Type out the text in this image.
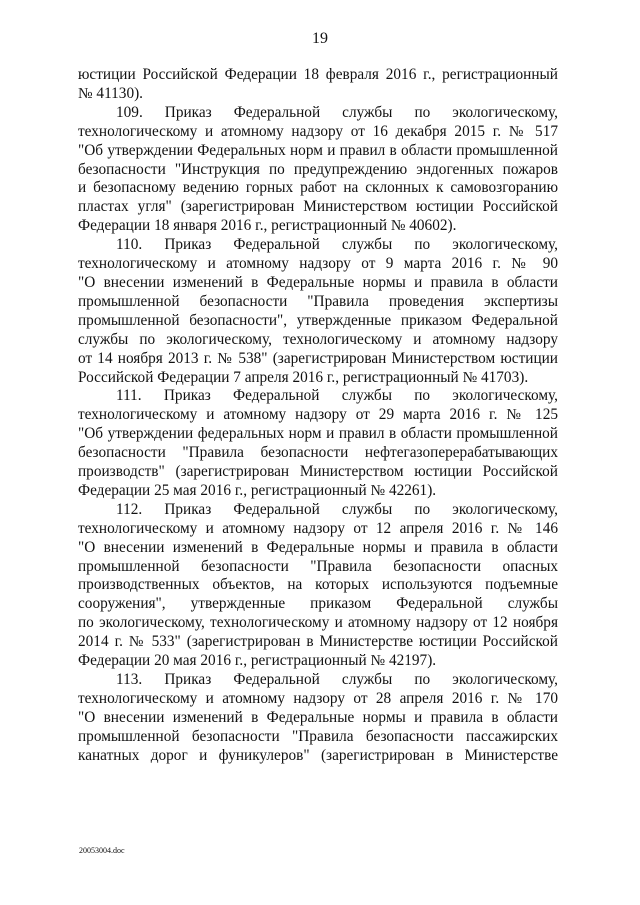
19
юстиции Российской Федерации 18 февраля 2016 г., регистрационный
№ 41130).
109. Приказ Федеральной службы по экологическому,
технологическому и атомному надзору от 16 декабря 2015 г. № 517
"Об утверждении Федеральных норм и правил в области промышленной
безопасности "Инструкция по предупреждению эндогенных пожаров
и безопасному ведению горных работ на склонных к самовозгоранию
пластах угля" (зарегистрирован Министерством юстиции Российской
Федерации 18 января 2016 г., регистрационный № 40602).
110. Приказ Федеральной службы по экологическому,
технологическому и атомному надзору от 9 марта 2016 г. № 90
"О внесении изменений в Федеральные нормы и правила в области
промышленной безопасности "Правила проведения экспертизы
промышленной безопасности", утвержденные приказом Федеральной
службы по экологическому, технологическому и атомному надзору
от 14 ноября 2013 г. № 538" (зарегистрирован Министерством юстиции
Российской Федерации 7 апреля 2016 г., регистрационный № 41703).
111. Приказ Федеральной службы по экологическому,
технологическому и атомному надзору от 29 марта 2016 г. № 125
"Об утверждении федеральных норм и правил в области промышленной
безопасности "Правила безопасности нефтегазоперерабатывающих
производств" (зарегистрирован Министерством юстиции Российской
Федерации 25 мая 2016 г., регистрационный № 42261).
112. Приказ Федеральной службы по экологическому,
технологическому и атомному надзору от 12 апреля 2016 г. № 146
"О внесении изменений в Федеральные нормы и правила в области
промышленной безопасности "Правила безопасности опасных
производственных объектов, на которых используются подъемные
сооружения", утвержденные приказом Федеральной службы
по экологическому, технологическому и атомному надзору от 12 ноября
2014 г. № 533" (зарегистрирован в Министерстве юстиции Российской
Федерации 20 мая 2016 г., регистрационный № 42197).
113. Приказ Федеральной службы по экологическому,
технологическому и атомному надзору от 28 апреля 2016 г. № 170
"О внесении изменений в Федеральные нормы и правила в области
промышленной безопасности "Правила безопасности пассажирских
канатных дорог и фуникулеров" (зарегистрирован в Министерстве
20053004.doc
